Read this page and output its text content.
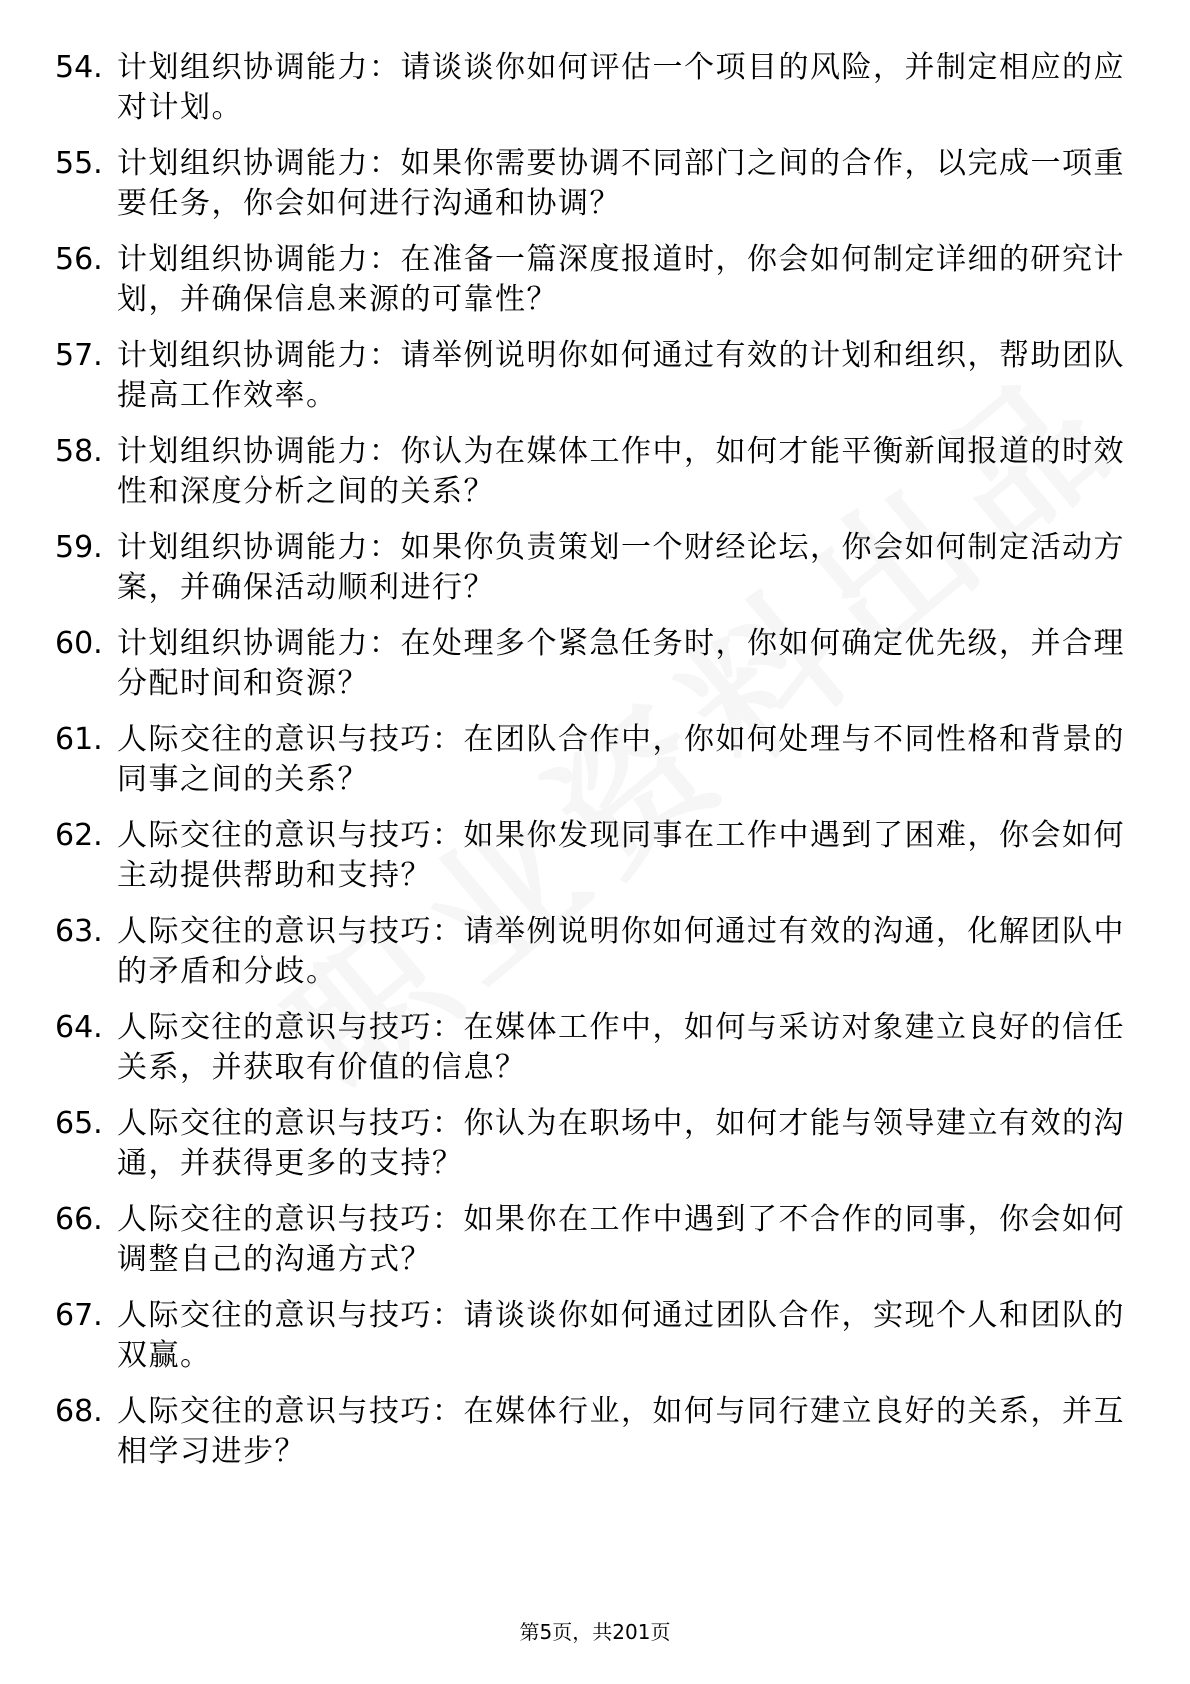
54. 计划组织协调能力：请谈谈你如何评估一个项目的风险，并制定相应的应对计划。
55. 计划组织协调能力：如果你需要协调不同部门之间的合作，以完成一项重要任务，你会如何进行沟通和协调？
56. 计划组织协调能力：在准备一篇深度报道时，你会如何制定详细的研究计划，并确保信息来源的可靠性？
57. 计划组织协调能力：请举例说明你如何通过有效的计划和组织，帮助团队提高工作效率。
58. 计划组织协调能力：你认为在媒体工作中，如何才能平衡新闻报道的时效性和深度分析之间的关系？
59. 计划组织协调能力：如果你负责策划一个财经论坛，你会如何制定活动方案，并确保活动顺利进行？
60. 计划组织协调能力：在处理多个紧急任务时，你如何确定优先级，并合理分配时间和资源？
61. 人际交往的意识与技巧：在团队合作中，你如何处理与不同性格和背景的同事之间的关系？
62. 人际交往的意识与技巧：如果你发现同事在工作中遇到了困难，你会如何主动提供帮助和支持？
63. 人际交往的意识与技巧：请举例说明你如何通过有效的沟通，化解团队中的矛盾和分歧。
64. 人际交往的意识与技巧：在媒体工作中，如何与采访对象建立良好的信任关系，并获取有价值的信息？
65. 人际交往的意识与技巧：你认为在职场中，如何才能与领导建立有效的沟通，并获得更多的支持？
66. 人际交往的意识与技巧：如果你在工作中遇到了不合作的同事，你会如何调整自己的沟通方式？
67. 人际交往的意识与技巧：请谈谈你如何通过团队合作，实现个人和团队的双赢。
68. 人际交往的意识与技巧：在媒体行业，如何与同行建立良好的关系，并互相学习进步？
第5页，共201页
